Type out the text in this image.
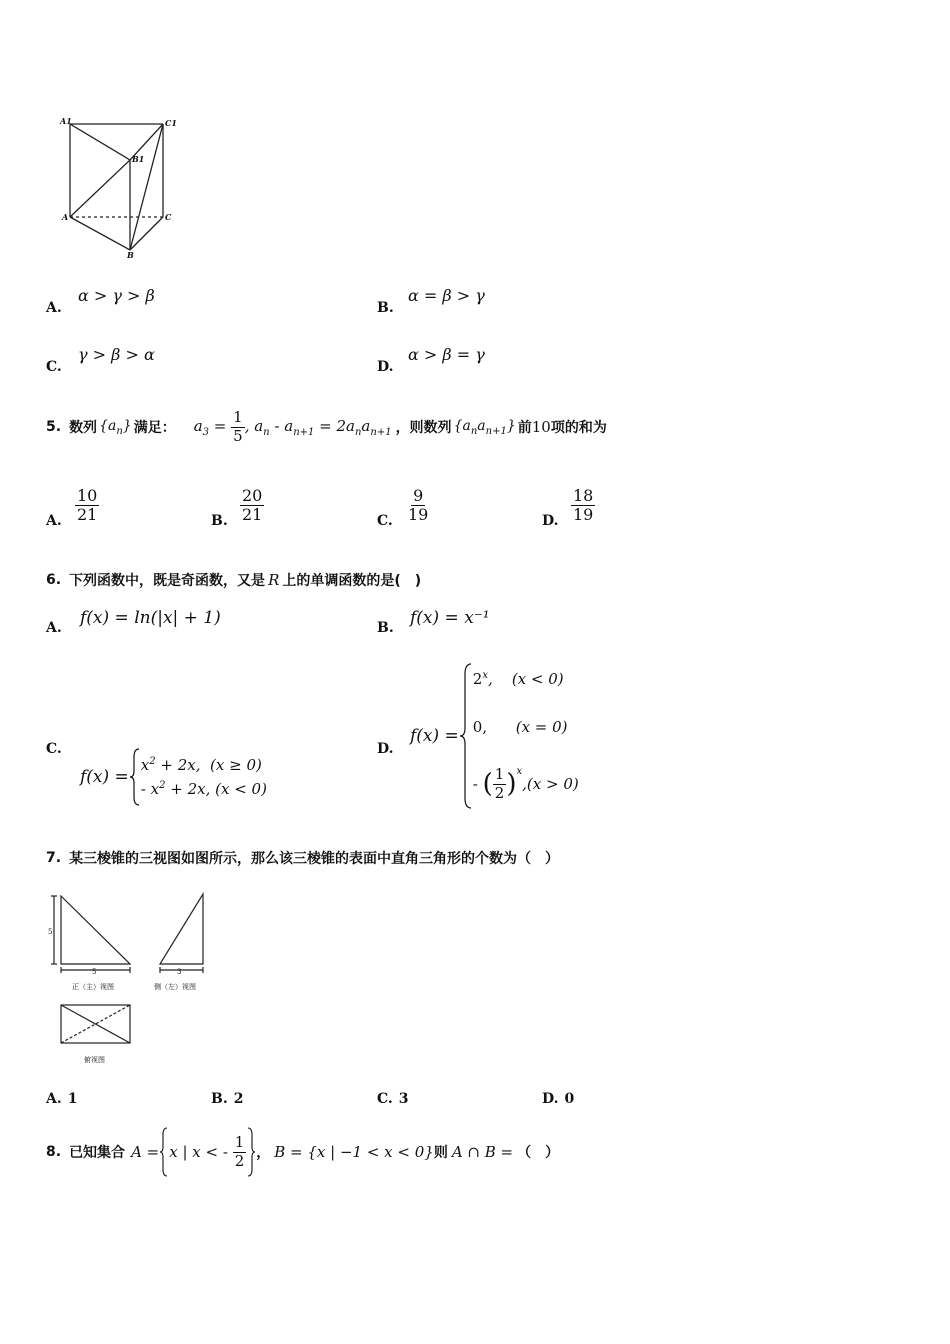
A1	C1
B1
A	C
B
A.
α > γ > β
B.
α = β > γ
C.
γ > β > α
D.
α > β = γ
5. 数列 $\{a_n\}$ 满足： $a_3 = \frac{1}{5}$ , $a_n - a_{n+1} = 2a_na_{n+1}$ ，则数列 $\{a_na_{n+1}\}$ 前 10 项的和为
A. $\frac{10}{21}$	B. $\frac{20}{21}$	C. $\frac{9}{19}$	D. $\frac{18}{19}$
6. 下列函数中，既是奇函数，又是 R 上的单调函数的是(　)
A. f(x) = ln(|x| + 1)	B. f(x) = x⁻¹
C.
f(x) =
$x^2 + 2x$,  (x ≥ 0)
- $x^2 + 2x$, (x < 0)
D.
f(x) =
$2^x$,    (x < 0)
0,      (x = 0)
- ( $\frac{1}{2} )^x$
,(x > 0)
7. 某三棱锥的三视图如图所示，那么该三棱锥的表面中直角三角形的个数为（　）
5
5
正（主）视图
3
侧（左）视图
俯视图
A. 1	B. 2	C. 3	D. 0
8. 已知集合 A = x | x < - $\frac{1}{2}$ ， B = {x | −1 < x < 0} 则 A ∩ B = （　）
